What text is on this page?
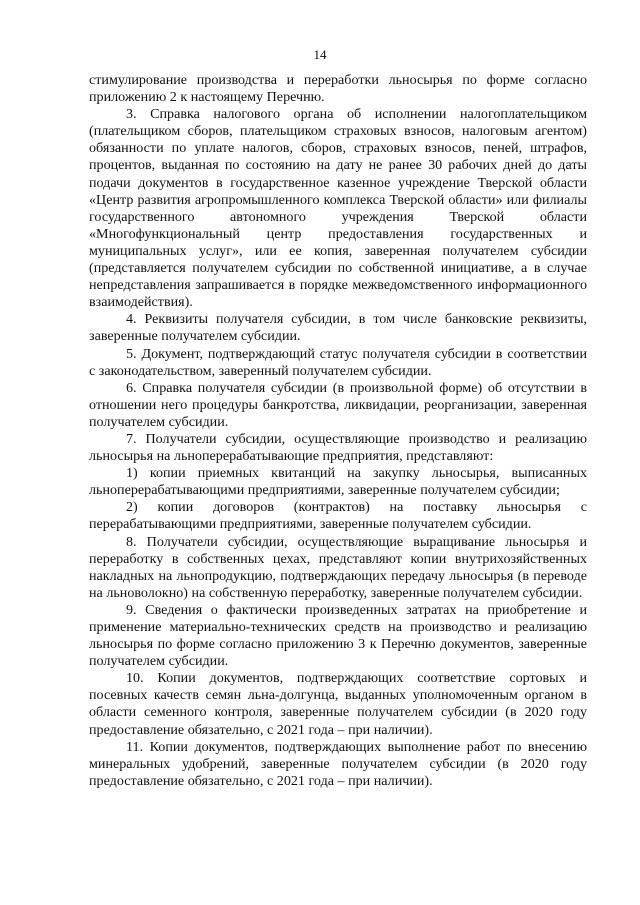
14

стимулирование производства и переработки льносырья по форме согласно приложению 2 к настоящему Перечню.

3. Справка налогового органа об исполнении налогоплательщиком (плательщиком сборов, плательщиком страховых взносов, налоговым агентом) обязанности по уплате налогов, сборов, страховых взносов, пеней, штрафов, процентов, выданная по состоянию на дату не ранее 30 рабочих дней до даты подачи документов в государственное казенное учреждение Тверской области «Центр развития агропромышленного комплекса Тверской области» или филиалы государственного автономного учреждения Тверской области «Многофункциональный центр предоставления государственных и муниципальных услуг», или ее копия, заверенная получателем субсидии (представляется получателем субсидии по собственной инициативе, а в случае непредставления запрашивается в порядке межведомственного информационного взаимодействия).

4. Реквизиты получателя субсидии, в том числе банковские реквизиты, заверенные получателем субсидии.

5. Документ, подтверждающий статус получателя субсидии в соответствии с законодательством, заверенный получателем субсидии.

6. Справка получателя субсидии (в произвольной форме) об отсутствии в отношении него процедуры банкротства, ликвидации, реорганизации, заверенная получателем субсидии.

7. Получатели субсидии, осуществляющие производство и реализацию льносырья на льноперерабатывающие предприятия, представляют:

1) копии приемных квитанций на закупку льносырья, выписанных льноперерабатывающими предприятиями, заверенные получателем субсидии;

2) копии договоров (контрактов) на поставку льносырья с перерабатывающими предприятиями, заверенные получателем субсидии.

8. Получатели субсидии, осуществляющие выращивание льносырья и переработку в собственных цехах, представляют копии внутрихозяйственных накладных на льнопродукцию, подтверждающих передачу льносырья (в переводе на льноволокно) на собственную переработку, заверенные получателем субсидии.

9. Сведения о фактически произведенных затратах на приобретение и применение материально-технических средств на производство и реализацию льносырья по форме согласно приложению 3 к Перечню документов, заверенные получателем субсидии.

10. Копии документов, подтверждающих соответствие сортовых и посевных качеств семян льна-долгунца, выданных уполномоченным органом в области семенного контроля, заверенные получателем субсидии (в 2020 году предоставление обязательно, с 2021 года – при наличии).

11. Копии документов, подтверждающих выполнение работ по внесению минеральных удобрений, заверенные получателем субсидии (в 2020 году предоставление обязательно, с 2021 года – при наличии).
